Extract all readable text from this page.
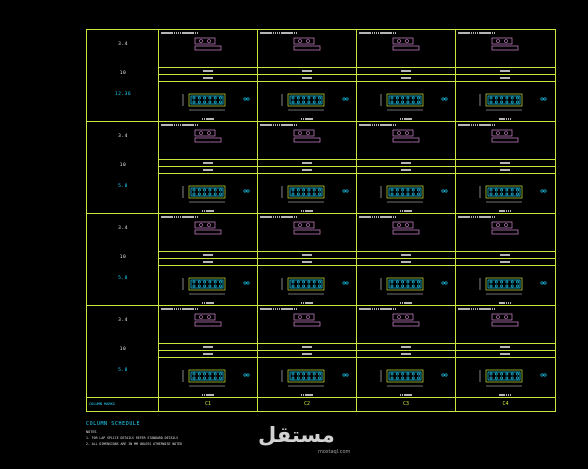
3.4
10
12.36
3.4
10
5.8
3.4
10
5.8
3.4
10
5.8
COLUMN MARKS	C1	C2	C3	C4
COLUMN SCHEDULE
NOTES
1- FOR LAP SPLICE DETAILS REFER STANDARD DETAILS
2- ALL DIMENSIONS ARE IN MM UNLESS OTHERWISE NOTED	مستقل
mostaql.com
